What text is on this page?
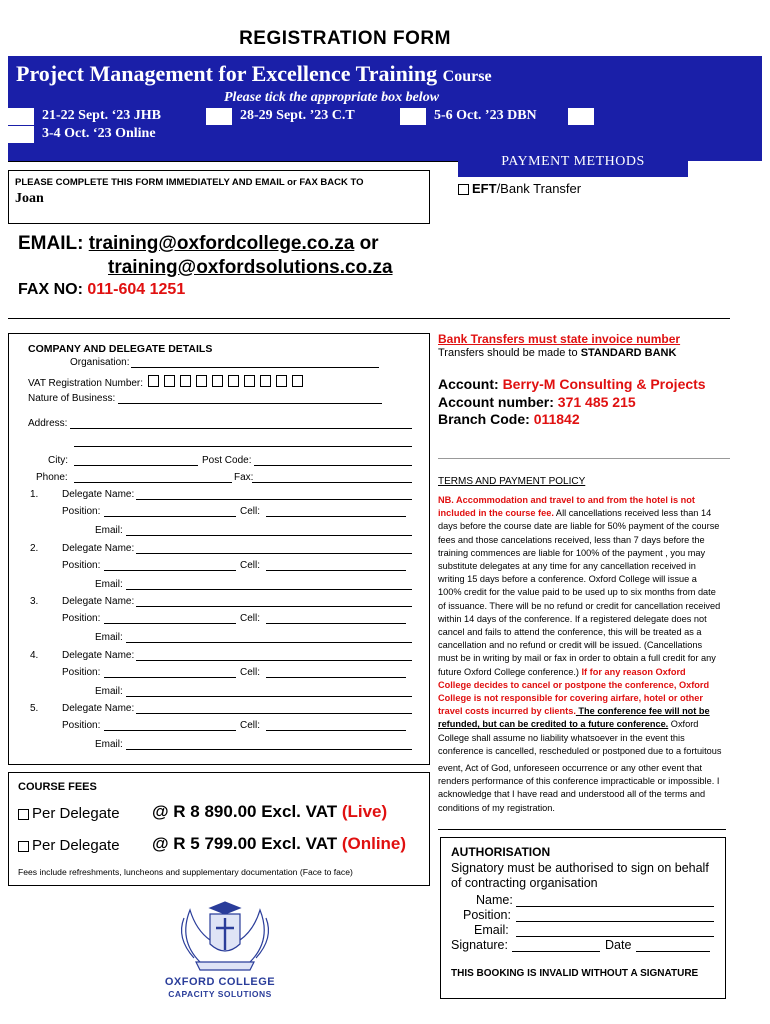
REGISTRATION FORM
Project Management for Excellence Training Course
Please tick the appropriate box below
21-22 Sept. ‘23 JHB	28-29 Sept. ’23 C.T	5-6 Oct. ’23 DBN
3-4 Oct. ‘23 Online
PAYMENT METHODS
EFT/Bank Transfer
PLEASE COMPLETE THIS FORM IMMEDIATELY AND EMAIL or FAX BACK TO
Joan
EMAIL: training@oxfordcollege.co.za or
training@oxfordsolutions.co.za
FAX NO: 011-604 1251
COMPANY AND DELEGATE DETAILS
Organisation:
VAT Registration Number:
Nature of Business:
Address:
City:	Post Code:
Phone:	Fax:
1. Delegate Name:
Position:	Cell:
Email:
2. Delegate Name:
Position:	Cell:
Email:
3. Delegate Name:
Position:	Cell:
Email:
4. Delegate Name:
Position:	Cell:
Email:
5. Delegate Name:
Position:	Cell:
Email:
COURSE FEES
Per Delegate @ R 8 890.00 Excl. VAT (Live)
Per Delegate @ R 5 799.00 Excl. VAT (Online)
Fees include refreshments, luncheons and supplementary documentation (Face to face)
OXFORD COLLEGE
CAPACITY SOLUTIONS
Bank Transfers must state invoice number
Transfers should be made to STANDARD BANK
Account: Berry-M Consulting & Projects
Account number: 371 485 215
Branch Code: 011842
TERMS AND PAYMENT POLICY
NB. Accommodation and travel to and from the hotel is not
included in the course fee. All cancellations received less than 14
days before the course date are liable for 50% payment of the course
fees and those cancelations received, less than 7 days before the
training commences are liable for 100% of the payment , you may
substitute delegates at any time for any cancellation received in
writing 15 days before a conference. Oxford College will issue a
100% credit for the value paid to be used up to six months from date
of issuance. There will be no refund or credit for cancellation received
within 14 days of the conference. If a registered delegate does not
cancel and fails to attend the conference, this will be treated as a
cancellation and no refund or credit will be issued. (Cancellations
must be in writing by mail or fax in order to obtain a full credit for any
future Oxford College conference.) If for any reason Oxford
College decides to cancel or postpone the conference, Oxford
College is not responsible for covering airfare, hotel or other
travel costs incurred by clients. The conference fee will not be
refunded, but can be credited to a future conference. Oxford
College shall assume no liability whatsoever in the event this
conference is cancelled, rescheduled or postponed due to a fortuitous
event, Act of God, unforeseen occurrence or any other event that
renders performance of this conference impracticable or impossible. I
acknowledge that I have read and understood all of the terms and
conditions of my registration.
AUTHORISATION
Signatory must be authorised to sign on behalf of contracting organisation
Name:
Position:
Email:
Signature:	Date
THIS BOOKING IS INVALID WITHOUT A SIGNATURE
